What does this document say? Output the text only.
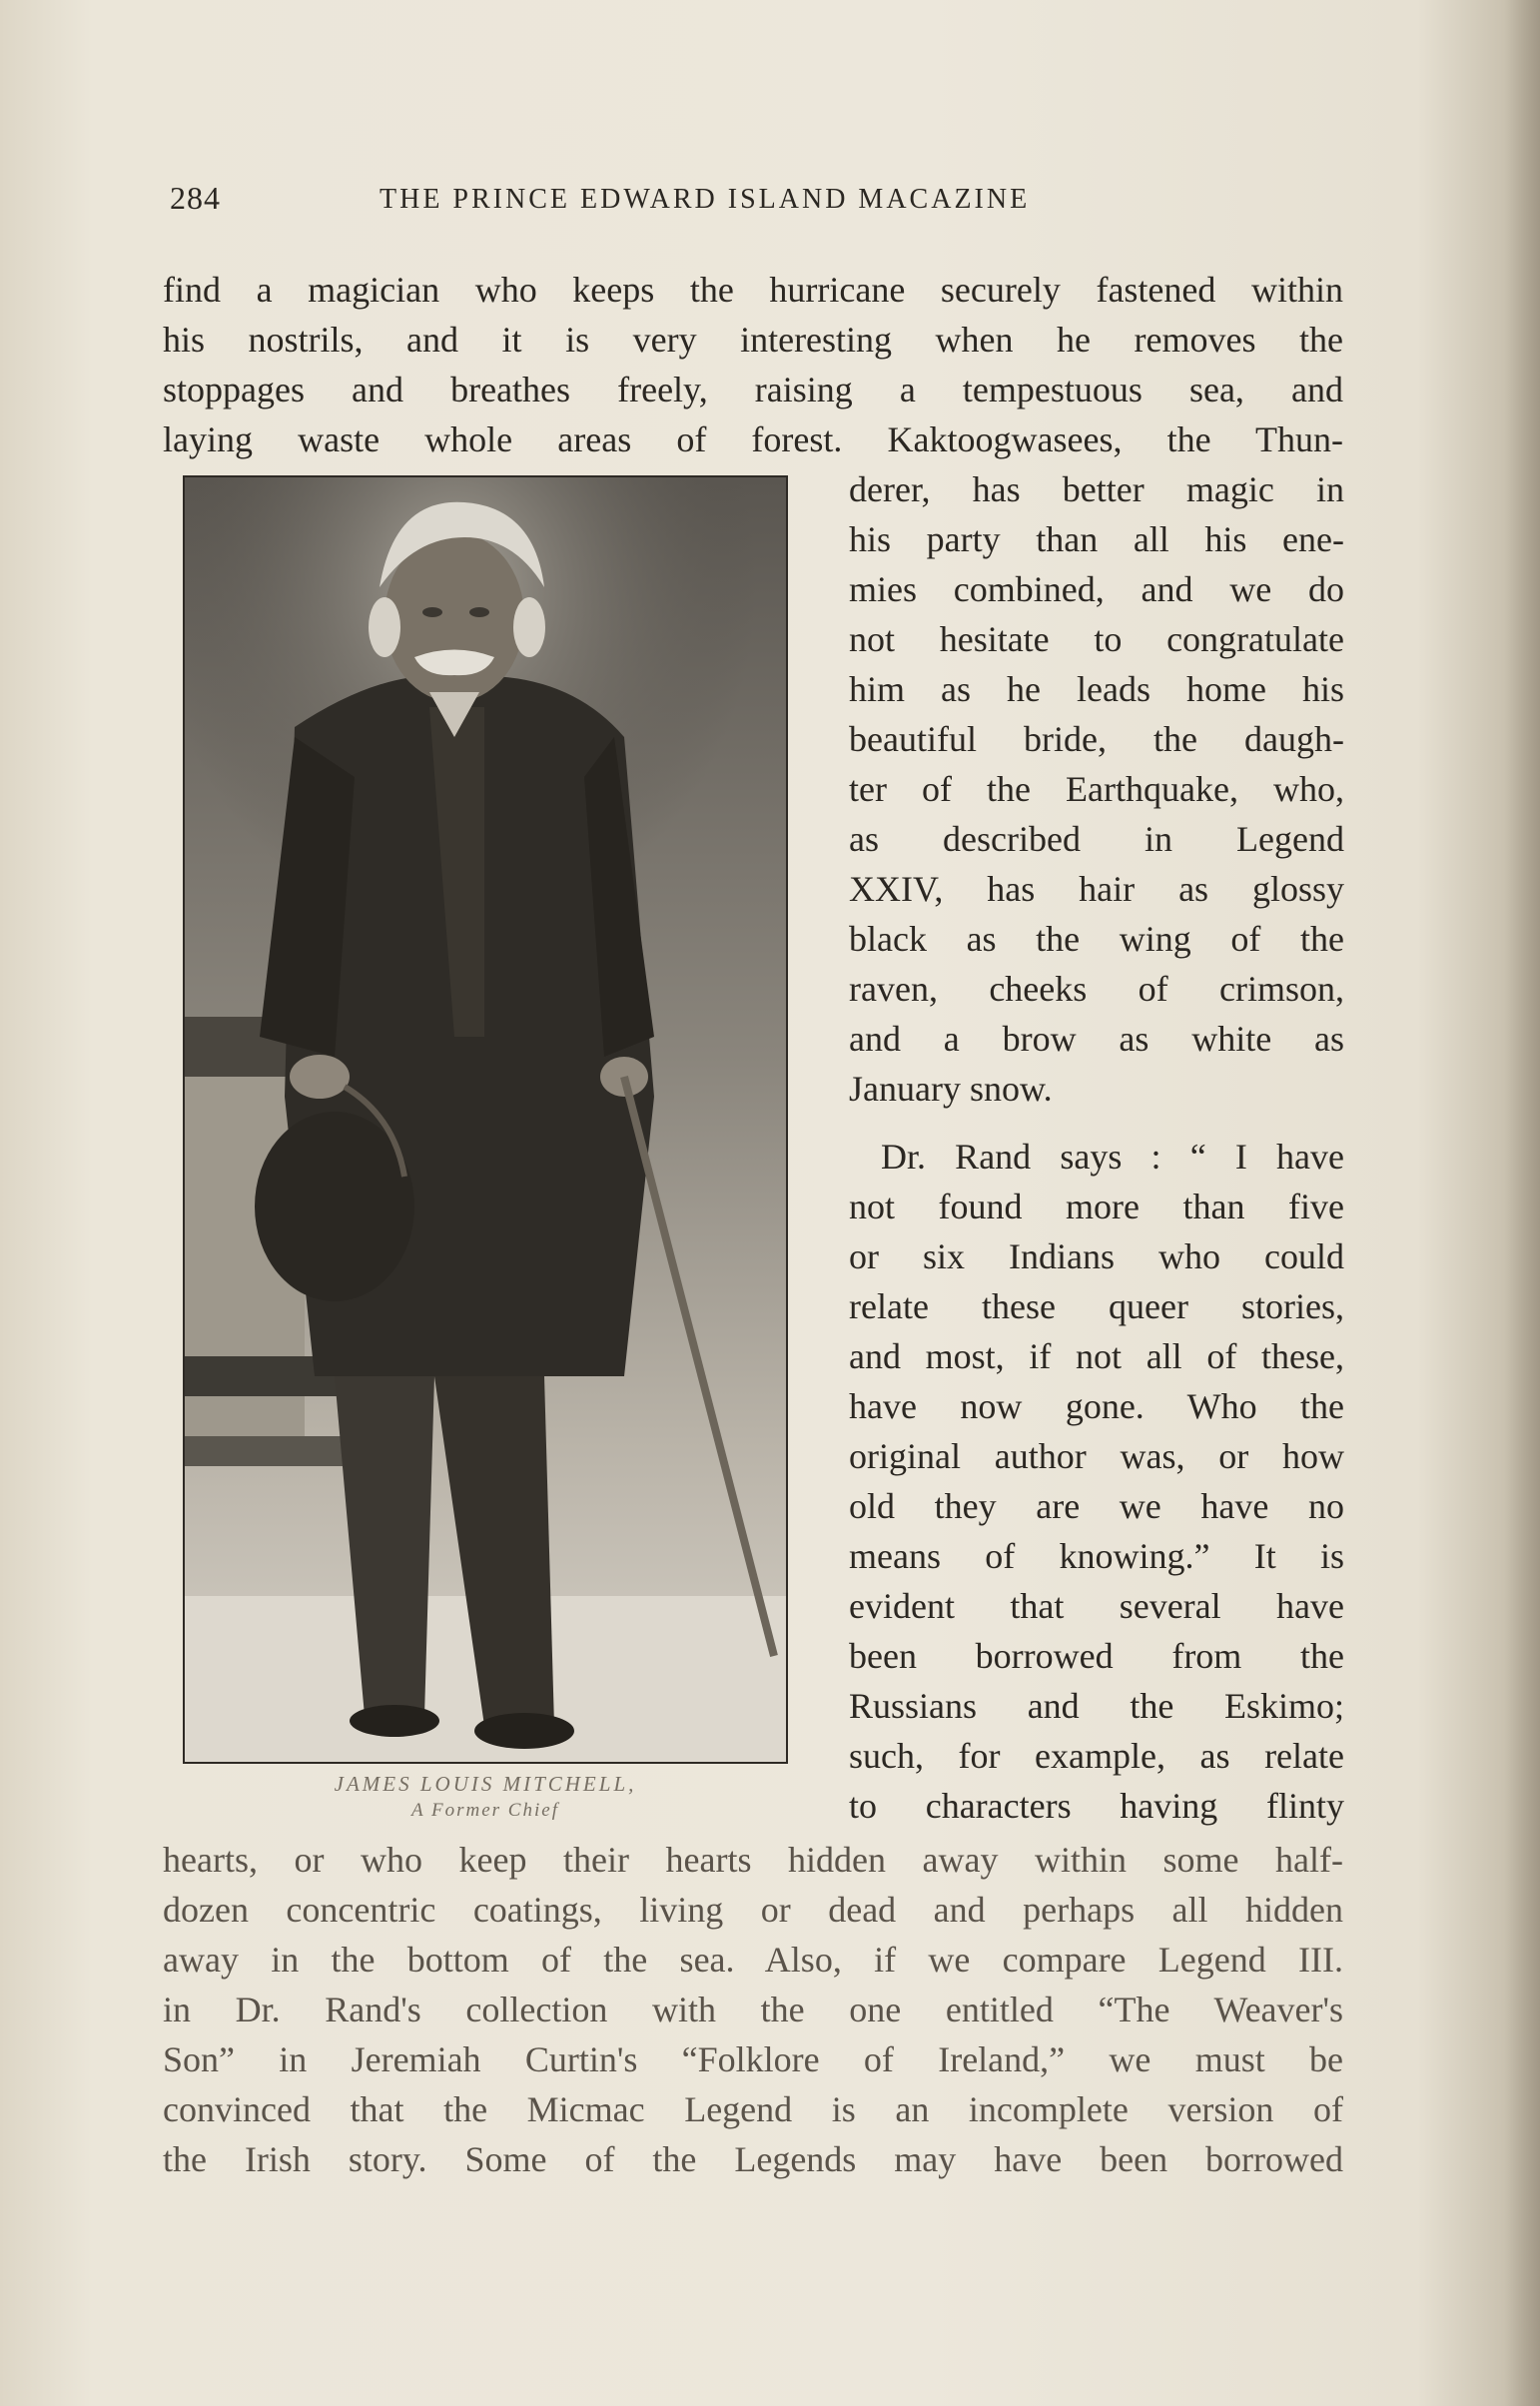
284	THE PRINCE EDWARD ISLAND MACAZINE
find a magician who keeps the hurricane securely fastened within
his nostrils, and it is very interesting when he removes the
stoppages and breathes freely, raising a tempestuous sea, and
laying waste whole areas of forest. Kaktoogwasees, the Thun-
JAMES LOUIS MITCHELL,
A Former Chief
derer, has better magic in
his party than all his ene-
mies combined, and we do
not hesitate to congratulate
him as he leads home his
beautiful bride, the daugh-
ter of the Earthquake, who,
as described in Legend
XXIV, has hair as glossy
black as the wing of the
raven, cheeks of crimson,
and a brow as white as
January snow.
Dr. Rand says : “ I have
not found more than five
or six Indians who could
relate these queer stories,
and most, if not all of these,
have now gone. Who the
original author was, or how
old they are we have no
means of knowing.” It is
evident that several have
been borrowed from the
Russians and the Eskimo;
such, for example, as relate
to characters having flinty
hearts, or who keep their hearts hidden away within some half-
dozen concentric coatings, living or dead and perhaps all hidden
away in the bottom of the sea. Also, if we compare Legend III.
in Dr. Rand's collection with the one entitled “The Weaver's
Son” in Jeremiah Curtin's “Folklore of Ireland,” we must be
convinced that the Micmac Legend is an incomplete version of
the Irish story. Some of the Legends may have been borrowed
